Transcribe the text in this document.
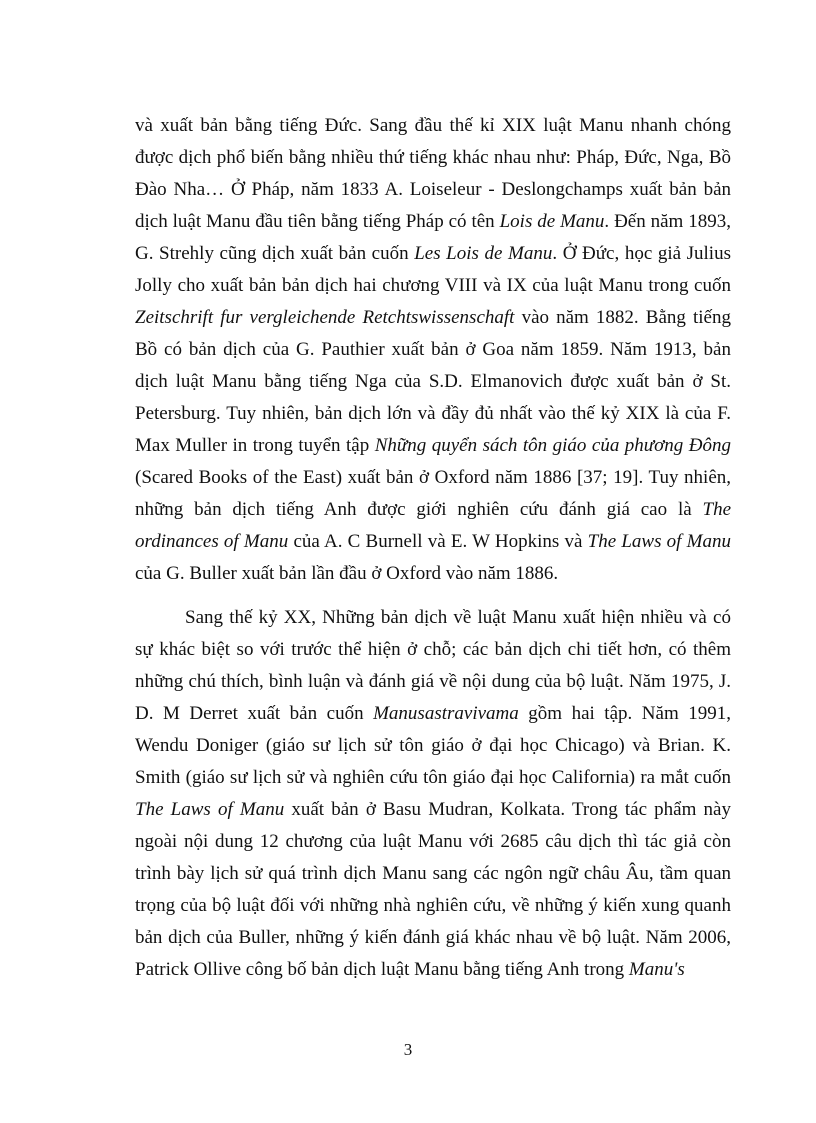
và xuất bản bằng tiếng Đức. Sang đầu thế kỉ XIX luật Manu nhanh chóng được dịch phổ biến bằng nhiều thứ tiếng khác nhau như: Pháp, Đức, Nga, Bồ Đào Nha… Ở Pháp, năm 1833 A. Loiseleur - Deslongchamps xuất bản bản dịch luật Manu đầu tiên bằng tiếng Pháp có tên Lois de Manu. Đến năm 1893, G. Strehly cũng dịch xuất bản cuốn Les Lois de Manu. Ở Đức, học giả Julius Jolly cho xuất bản bản dịch hai chương VIII và IX của luật Manu trong cuốn Zeitschrift fur vergleichende Retchtswissenschaft vào năm 1882. Bằng tiếng Bồ có bản dịch của G. Pauthier xuất bản ở Goa năm 1859. Năm 1913, bản dịch luật Manu bằng tiếng Nga của S.D. Elmanovich được xuất bản ở St. Petersburg. Tuy nhiên, bản dịch lớn và đầy đủ nhất vào thế kỷ XIX là của F. Max Muller in trong tuyển tập Những quyển sách tôn giáo của phương Đông (Scared Books of the East) xuất bản ở Oxford năm 1886 [37; 19]. Tuy nhiên, những bản dịch tiếng Anh được giới nghiên cứu đánh giá cao là The ordinances of Manu của A. C Burnell và E. W Hopkins và The Laws of Manu của G. Buller xuất bản lần đầu ở Oxford vào năm 1886.

Sang thế kỷ XX, Những bản dịch về luật Manu xuất hiện nhiều và có sự khác biệt so với trước thể hiện ở chỗ; các bản dịch chi tiết hơn, có thêm những chú thích, bình luận và đánh giá về nội dung của bộ luật. Năm 1975, J. D. M Derret xuất bản cuốn Manusastravivama gồm hai tập. Năm 1991, Wendu Doniger (giáo sư lịch sử tôn giáo ở đại học Chicago) và Brian. K. Smith (giáo sư lịch sử và nghiên cứu tôn giáo đại học California) ra mắt cuốn The Laws of Manu xuất bản ở Basu Mudran, Kolkata. Trong tác phẩm này ngoài nội dung 12 chương của luật Manu với 2685 câu dịch thì tác giả còn trình bày lịch sử quá trình dịch Manu sang các ngôn ngữ châu Âu, tầm quan trọng của bộ luật đối với những nhà nghiên cứu, về những ý kiến xung quanh bản dịch của Buller, những ý kiến đánh giá khác nhau về bộ luật. Năm 2006, Patrick Ollive công bố bản dịch luật Manu bằng tiếng Anh trong Manu's

3
